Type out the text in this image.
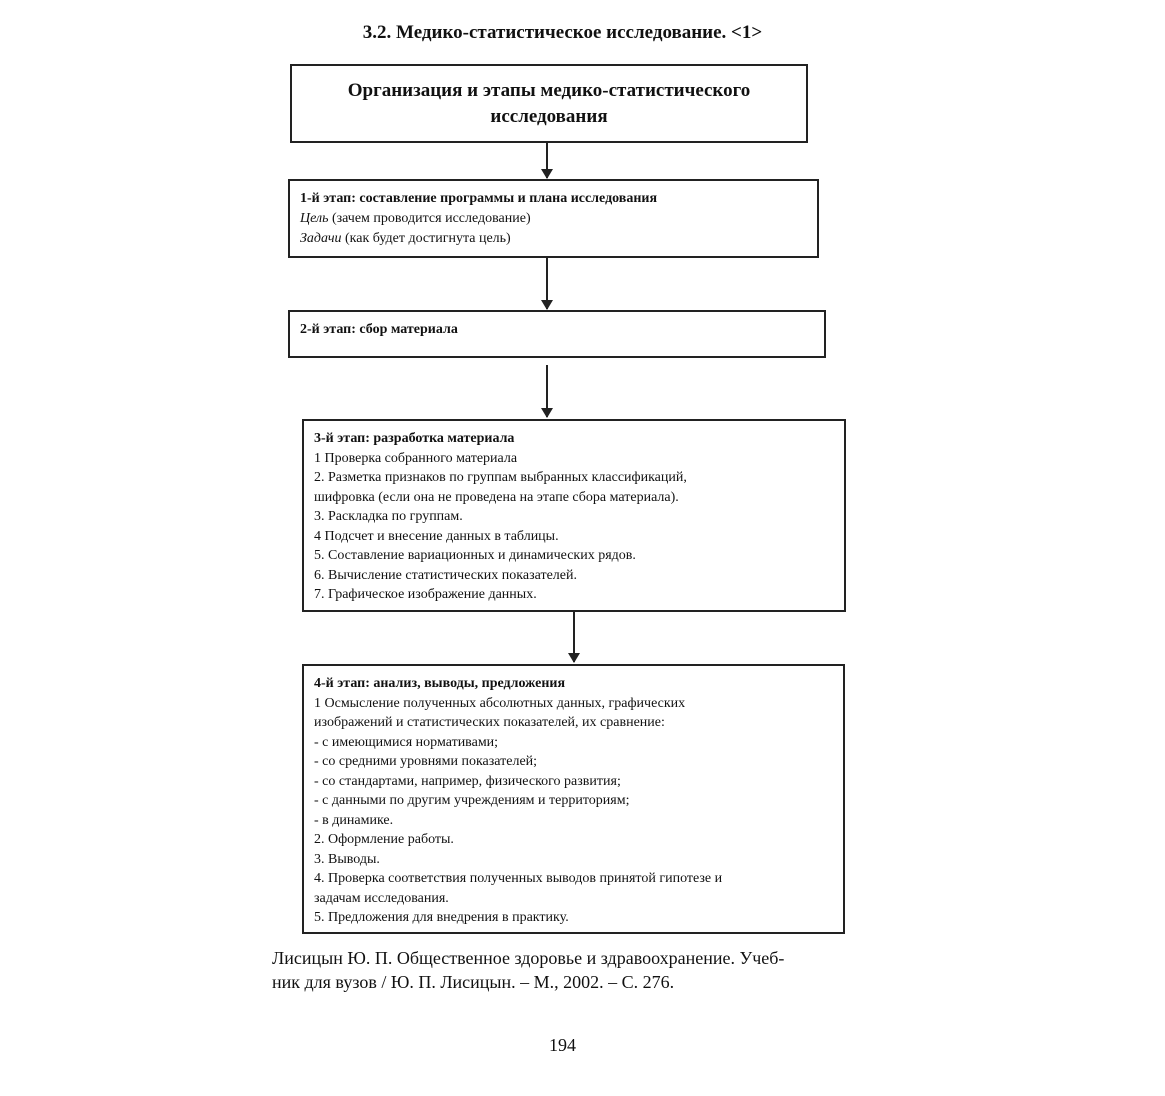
3.2. Медико-статистическое исследование. <1>
Организация и этапы медико-статистического
исследования
1-й этап: составление программы и плана исследования
Цель (зачем проводится исследование)
Задачи (как будет достигнута цель)
2-й этап: сбор материала
3-й этап: разработка материала
1 Проверка собранного материала
2. Разметка признаков по группам выбранных классификаций,
шифровка (если она не проведена на этапе сбора материала).
3. Раскладка по группам.
4 Подсчет и внесение данных в таблицы.
5. Составление вариационных и динамических рядов.
6. Вычисление статистических показателей.
7. Графическое изображение данных.
4-й этап: анализ, выводы, предложения
1 Осмысление полученных абсолютных данных, графических
изображений и статистических показателей, их сравнение:
- с имеющимися нормативами;
- со средними уровнями показателей;
- со стандартами, например, физического развития;
- с данными по другим учреждениям и территориям;
- в динамике.
2. Оформление работы.
3. Выводы.
4. Проверка соответствия полученных выводов принятой гипотезе и
задачам исследования.
5. Предложения для внедрения в практику.
Лисицын Ю. П. Общественное здоровье и здравоохранение. Учеб-
ник для вузов / Ю. П. Лисицын. – М., 2002. – С. 276.
194
